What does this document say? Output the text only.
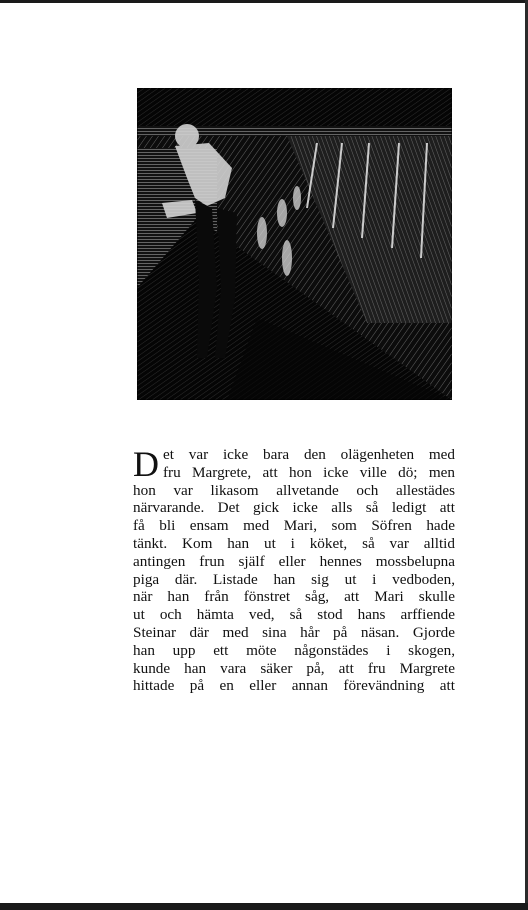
Det var icke bara den olägenheten med

fru Margrete, att hon icke ville dö; men

hon var likasom allvetande och allestädes

närvarande. Det gick icke alls så ledigt att

få bli ensam med Mari, som Söfren hade

tänkt. Kom han ut i köket, så var alltid

antingen frun själf eller hennes mossbelupna

piga där. Listade han sig ut i vedboden,

när han från fönstret såg, att Mari skulle

ut och hämta ved, så stod hans arffiende

Steinar där med sina hår på näsan. Gjorde

han upp ett möte någonstädes i skogen,

kunde han vara säker på, att fru Margrete

hittade på en eller annan förevändning att
